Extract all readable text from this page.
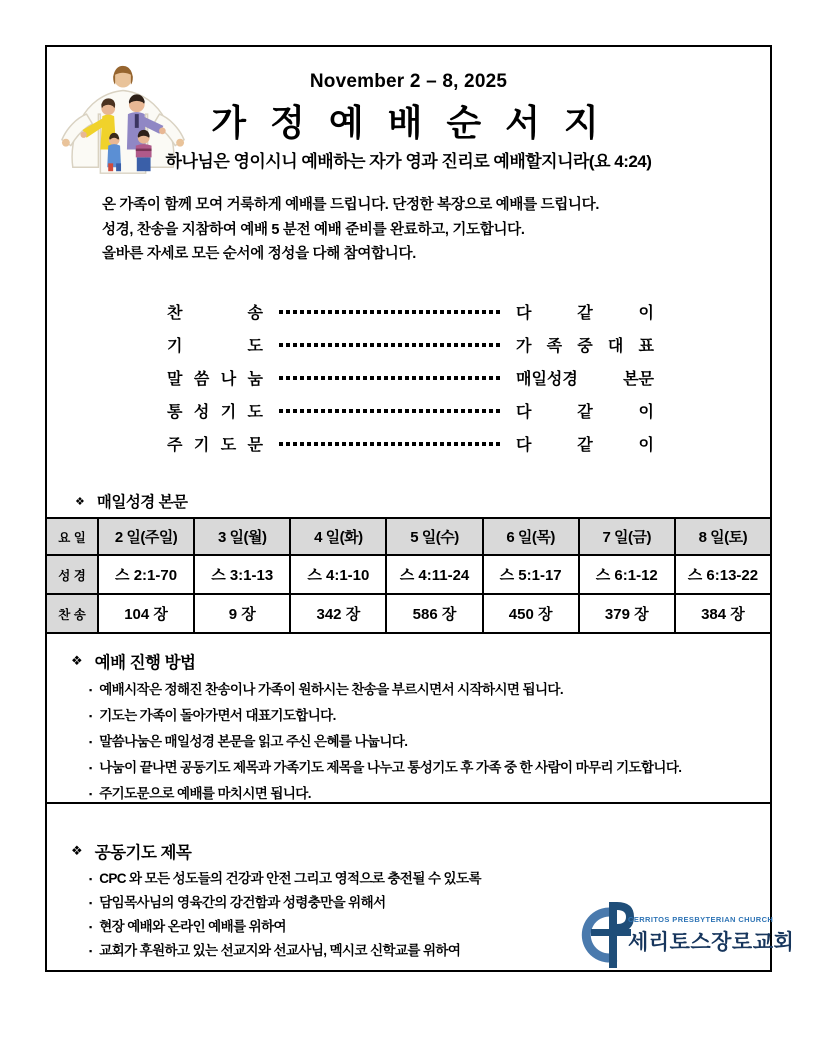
November 2 – 8, 2025
가 정 예 배 순 서 지
하나님은 영이시니 예배하는 자가 영과 진리로 예배할지니라(요 4:24)
온 가족이 함께 모여 거룩하게 예배를 드립니다. 단정한 복장으로 예배를 드립니다.
성경, 찬송을 지참하여 예배 5 분전 예배 준비를 완료하고, 기도합니다.
올바른 자세로 모든 순서에 정성을 다해 참여합니다.
찬 송	다 같 이
기 도	가 족 중 대 표
말 씀 나 눔	매일성경 본문
통 성 기 도	다 같 이
주 기 도 문	다 같 이
❖ 매일성경 본문
요 일	2 일(주일)	3 일(월)	4 일(화)	5 일(수)	6 일(목)	7 일(금)	8 일(토)
성 경	스 2:1-70	스 3:1-13	스 4:1-10	스 4:11-24	스 5:1-17	스 6:1-12	스 6:13-22
찬 송	104 장	9 장	342 장	586 장	450 장	379 장	384 장
❖ 예배 진행 방법
▪ 예배시작은 정해진 찬송이나 가족이 원하시는 찬송을 부르시면서 시작하시면 됩니다.
▪ 기도는 가족이 돌아가면서 대표기도합니다.
▪ 말씀나눔은 매일성경 본문을 읽고 주신 은혜를 나눕니다.
▪ 나눔이 끝나면 공동기도 제목과 가족기도 제목을 나누고 통성기도 후 가족 중 한 사람이 마무리 기도합니다.
▪ 주기도문으로 예배를 마치시면 됩니다.
❖ 공동기도 제목
▪ CPC 와 모든 성도들의 건강과 안전 그리고 영적으로 충전될 수 있도록
▪ 담임목사님의 영육간의 강건함과 성령충만을 위해서
▪ 현장 예배와 온라인 예배를 위하여
▪ 교회가 후원하고 있는 선교지와 선교사님, 멕시코 신학교를 위하여
CERRITOS PRESBYTERIAN CHURCH
세리토스장로교회
